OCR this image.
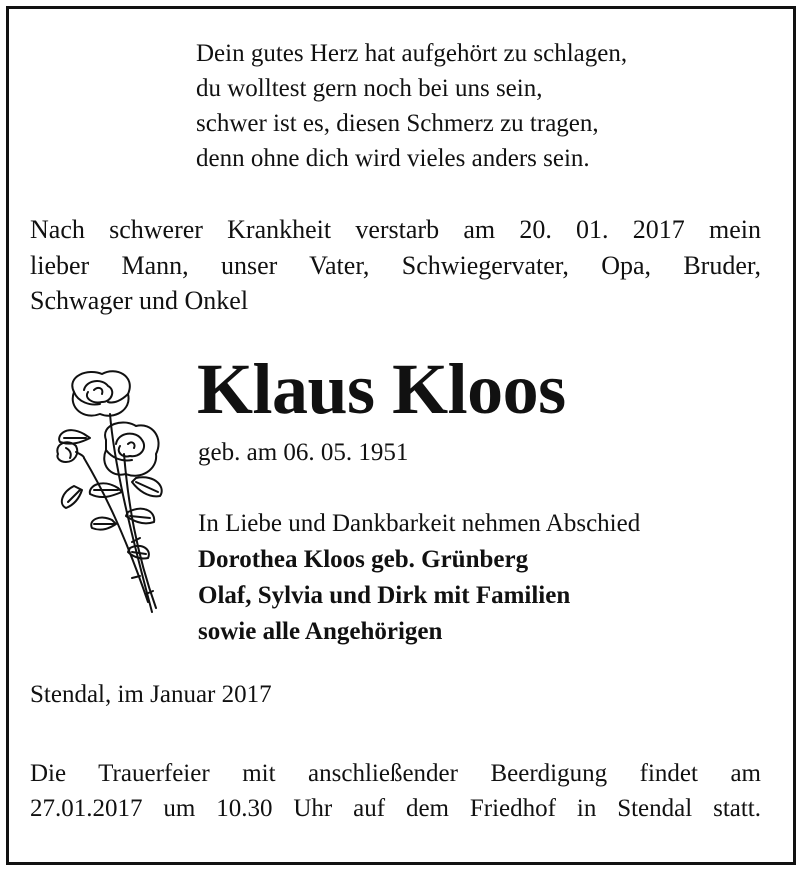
Dein gutes Herz hat aufgehört zu schlagen,
du wolltest gern noch bei uns sein,
schwer ist es, diesen Schmerz zu tragen,
denn ohne dich wird vieles anders sein.
Nach schwerer Krankheit verstarb am 20. 01. 2017 mein
lieber Mann, unser Vater, Schwiegervater, Opa, Bruder,
Schwager und Onkel
Klaus Kloos
geb. am 06. 05. 1951
In Liebe und Dankbarkeit nehmen Abschied
Dorothea Kloos geb. Grünberg
Olaf, Sylvia und Dirk mit Familien
sowie alle Angehörigen
Stendal, im Januar 2017
Die Trauerfeier mit anschließender Beerdigung findet am
27.01.2017 um 10.30 Uhr auf dem Friedhof in Stendal statt.
